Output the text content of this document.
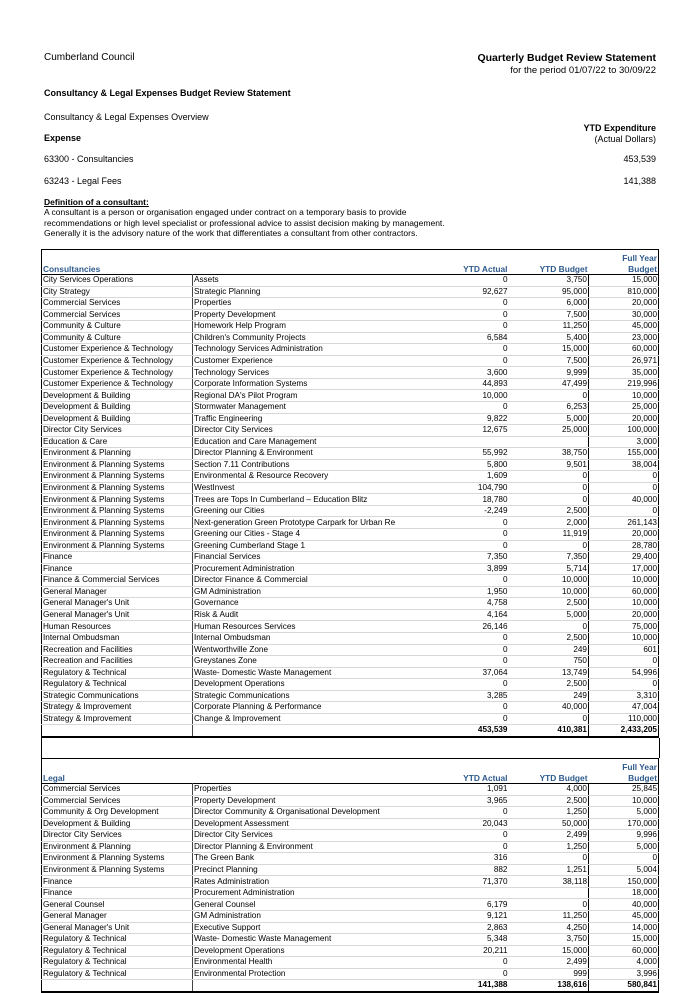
Cumberland Council	Quarterly Budget Review Statement
for the period 01/07/22 to 30/09/22
Consultancy & Legal Expenses Budget Review Statement
Consultancy & Legal Expenses Overview
Expense
YTD Expenditure
(Actual Dollars)
63300 - Consultancies	453,539
63243 - Legal Fees	141,388
Definition of a consultant:
A consultant is a person or organisation engaged under contract on a temporary basis to provide
recommendations or high level specialist or professional advice to assist decision making by management.
Generally it is the advisory nature of the work that differentiates a consultant from other contractors.
Consultancies		YTD Actual	YTD Budget	Full Year
Budget
City Services Operations	Assets	0	3,750	15,000
City Strategy	Strategic Planning	92,627	95,000	810,000
Commercial Services	Properties	0	6,000	20,000
Commercial Services	Property Development	0	7,500	30,000
Community & Culture	Homework Help Program	0	11,250	45,000
Community & Culture	Children's Community Projects	6,584	5,400	23,000
Customer Experience & Technology	Technology Services Administration	0	15,000	60,000
Customer Experience & Technology	Customer Experience	0	7,500	26,971
Customer Experience & Technology	Technology Services	3,600	9,999	35,000
Customer Experience & Technology	Corporate Information Systems	44,893	47,499	219,996
Development & Building	Regional DA's Pilot Program	10,000	0	10,000
Development & Building	Stormwater Management	0	6,253	25,000
Development & Building	Traffic Engineering	9,822	5,000	20,000
Director City Services	Director City Services	12,675	25,000	100,000
Education & Care	Education and Care Management			3,000
Environment & Planning	Director Planning & Environment	55,992	38,750	155,000
Environment & Planning Systems	Section 7.11 Contributions	5,800	9,501	38,004
Environment & Planning Systems	Environmental & Resource Recovery	1,609	0	0
Environment & Planning Systems	WestInvest	104,790	0	0
Environment & Planning Systems	Trees are Tops In Cumberland – Education Blitz	18,780	0	40,000
Environment & Planning Systems	Greening our Cities	-2,249	2,500	0
Environment & Planning Systems	Next-generation Green Prototype Carpark for Urban Re	0	2,000	261,143
Environment & Planning Systems	Greening our Cities - Stage 4	0	11,919	20,000
Environment & Planning Systems	Greening Cumberland Stage 1	0	0	28,780
Finance	Financial Services	7,350	7,350	29,400
Finance	Procurement Administration	3,899	5,714	17,000
Finance & Commercial Services	Director Finance & Commercial	0	10,000	10,000
General Manager	GM Administration	1,950	10,000	60,000
General Manager's Unit	Governance	4,758	2,500	10,000
General Manager's Unit	Risk & Audit	4,164	5,000	20,000
Human Resources	Human Resources Services	26,146	0	75,000
Internal Ombudsman	Internal Ombudsman	0	2,500	10,000
Recreation and Facilities	Wentworthville Zone	0	249	601
Recreation and Facilities	Greystanes Zone	0	750	0
Regulatory & Technical	Waste- Domestic Waste Management	37,064	13,749	54,996
Regulatory & Technical	Development Operations	0	2,500	0
Strategic Communications	Strategic Communications	3,285	249	3,310
Strategy & Improvement	Corporate Planning & Performance	0	40,000	47,004
Strategy & Improvement	Change & Improvement	0	0	110,000
		453,539	410,381	2,433,205
Legal		YTD Actual	YTD Budget	Full Year
Budget
Commercial Services	Properties	1,091	4,000	25,845
Commercial Services	Property Development	3,965	2,500	10,000
Community & Org Development	Director Community & Organisational Development	0	1,250	5,000
Development & Building	Development Assessment	20,043	50,000	170,000
Director City Services	Director City Services	0	2,499	9,996
Environment & Planning	Director Planning & Environment	0	1,250	5,000
Environment & Planning Systems	The Green Bank	316	0	0
Environment & Planning Systems	Precinct Planning	882	1,251	5,004
Finance	Rates Administration	71,370	38,118	150,000
Finance	Procurement Administration			18,000
General Counsel	General Counsel	6,179	0	40,000
General Manager	GM Administration	9,121	11,250	45,000
General Manager's Unit	Executive Support	2,863	4,250	14,000
Regulatory & Technical	Waste- Domestic Waste Management	5,348	3,750	15,000
Regulatory & Technical	Development Operations	20,211	15,000	60,000
Regulatory & Technical	Environmental Health	0	2,499	4,000
Regulatory & Technical	Environmental Protection	0	999	3,996
		141,388	138,616	580,841
